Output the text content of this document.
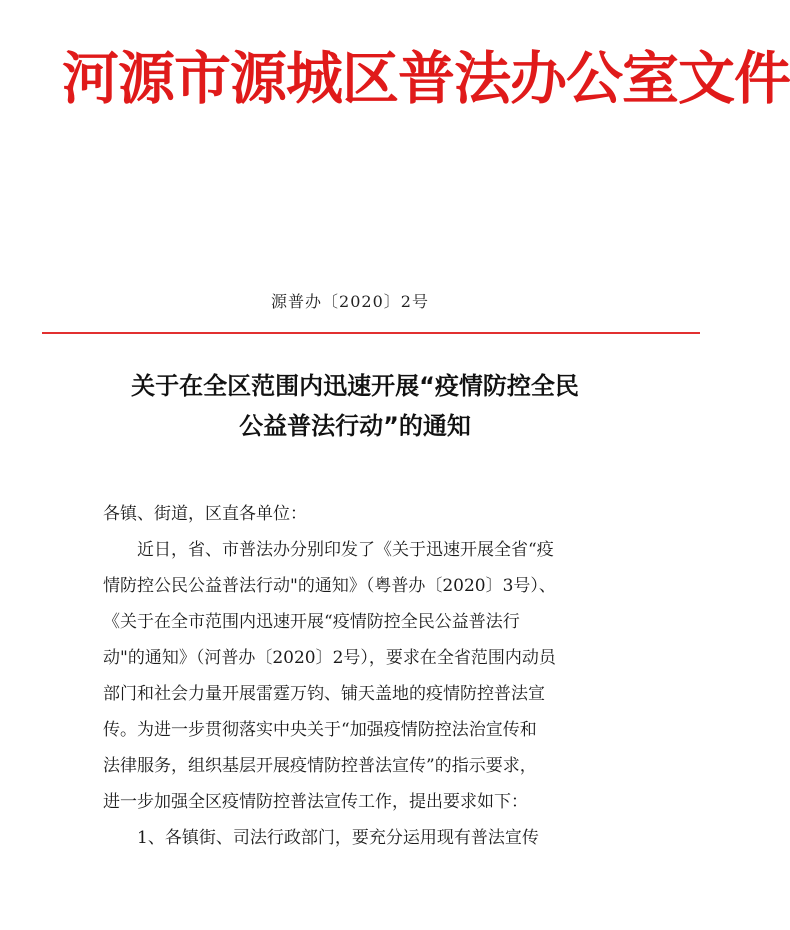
河源市源城区普法办公室文件
源普办〔2020〕2号
关于在全区范围内迅速开展“疫情防控全民
公益普法行动”的通知
各镇、街道，区直各单位：
近日，省、市普法办分别印发了《关于迅速开展全省“疫
情防控公民公益普法行动"的通知》（粤普办〔2020〕3号）、
《关于在全市范围内迅速开展“疫情防控全民公益普法行
动"的通知》（河普办〔2020〕2号），要求在全省范围内动员
部门和社会力量开展雷霆万钧、铺天盖地的疫情防控普法宣
传。为进一步贯彻落实中央关于“加强疫情防控法治宣传和
法律服务，组织基层开展疫情防控普法宣传”的指示要求，
进一步加强全区疫情防控普法宣传工作，提出要求如下：
1、各镇街、司法行政部门，要充分运用现有普法宣传
